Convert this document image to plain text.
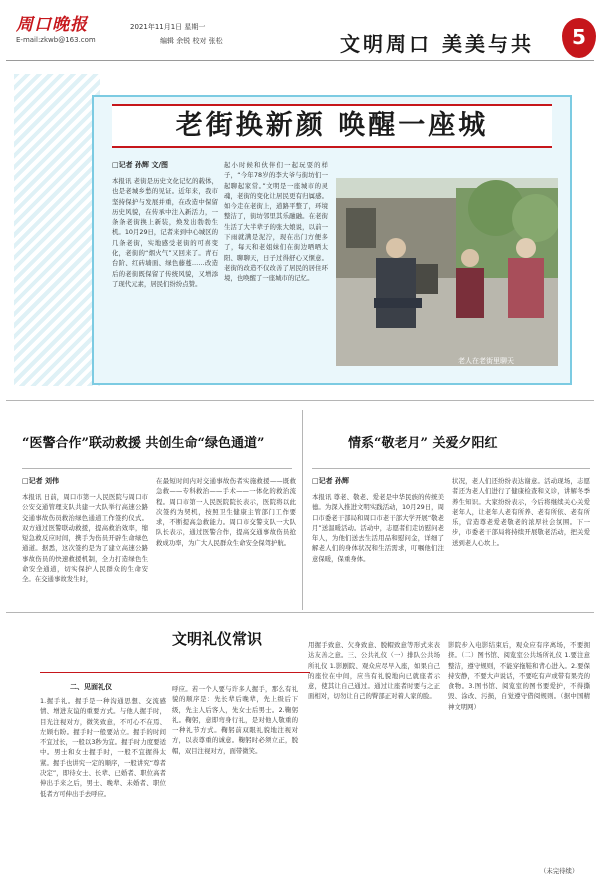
周口晚报
E-mail:zkwb@163.com
2021年11月1日 星期一
编辑 余锐 校对 张松	文明周口 美美与共	5
老街换新颜 唤醒一座城
□记者 孙辉 文/图
本报讯 老街是历史文化记忆的载体，也是老城乡愁的见证。近年来，我市坚持保护与发展并重，在改造中保留历史风貌，在传承中注入新活力，一条条老街换上新装，焕发出勃勃生机。10月29日，记者来到中心城区的几条老街，实地感受老街的可喜变化，老街的“烟火气”又回来了。青石台阶、红砖墙面、绿色藤蔓……改造后的老街既保留了传统风貌，又增添了现代元素，居民们纷纷点赞。
起小时候和伙伴们一起玩耍的样子，“今年78岁的李大爷与街坊们一起聊起家常。”文明是一座城市的灵魂，老街的变化让居民更有归属感。如今走在老街上，道路平整了，环境整洁了，街坊邻里其乐融融。在老街生活了大半辈子的张大娘说，以前一下雨就满是泥泞，现在出门方便多了，每天和老姐妹们在街边晒晒太阳、聊聊天，日子过得舒心又惬意。老街的改造不仅改善了居民的居住环境，也唤醒了一座城市的记忆。
老人在老街里聊天
“医警合作”联动救援 共创生命“绿色通道”
□记者 刘伟
本报讯 日前，周口市第一人民医院与周口市公安交通管理支队共建一大队举行高速公路交通事故伤员救治绿色通道工作签约仪式。双方通过医警联动救援，提高救治效率，缩短急救反应时间，携手为伤员开辟生命绿色通道。据悉，这次签约是为了建立高速公路事故伤员的快速救援机制，全力打造绿色生命安全通道，切实保护人民群众的生命安全。在交通事故发生时，
在最短时间内对交通事故伤者实施救援——既救急救——专科救治——手术——一体化的救治流程。周口市第一人民医院院长表示，医院将以此次签约为契机，按照卫生健康主管部门工作要求，不断提高急救能力。周口市交警支队一大队队长表示，通过医警合作，提高交通事故伤员抢救成功率，为广大人民群众生命安全保驾护航。
情系“敬老月” 关爱夕阳红
□记者 孙辉
本报讯 尊老、敬老、爱老是中华民族的传统美德。为深入推进文明实践活动，10月29日，周口市委老干部局和周口市老干部大学开展“敬老月”送温暖活动。活动中，志愿者们走访慰问老年人，为他们送去生活用品和慰问金，详细了解老人们的身体状况和生活需求，叮嘱他们注意保暖，保重身体。
状况，老人们还纷纷表达谢意。活动现场，志愿者还为老人们进行了健康检查和义诊，讲解冬季养生知识。大家纷纷表示，今后将继续关心关爱老年人，让老年人老有所养、老有所依、老有所乐，营造尊老爱老敬老的浓厚社会氛围。下一步，市委老干部局将持续开展敬老活动，把关爱送到老人心坎上。
文明礼仪常识
二、见面礼仪
1.握手礼。握手是一种沟通思想、交流感情、增进友谊的重要方式。与他人握手时，目光注视对方，微笑致意，不可心不在焉、左顾右盼。握手时一般要站立。握手的时间不宜过长，一般以3秒为宜。握手时力度要适中。男士和女士握手时，一般不宜握得太紧。握手也讲究一定的顺序，一般讲究“尊者决定”，即待女士、长辈、已婚者、职位高者伸出手来之后，男士、晚辈、未婚者、职位低者方可伸出手去呼应。
呼应。若一个人要与许多人握手，那么有礼貌的顺序是：先长辈后晚辈，先上级后下级，先主人后客人，先女士后男士。2.鞠躬礼。鞠躬，意即弯身行礼，是对他人敬重的一种礼节方式。鞠躬前双眼礼貌地注视对方，以表尊重的诚意。鞠躬时必须立正，脱帽，双目注视对方，面带微笑。
用握手致意、欠身致意、脱帽致意等形式来表达友善之意。三、公共礼仪（一）排队公共场所礼仪 1.影剧院、观众应尽早入座，如果自己的座位在中间，应当有礼貌地向已就座者示意，使其让自己通过。通过让座者时要与之正面相对，切勿让自己的臀部正对着人家的脸。
影院步入电影结束后，观众应有序离场，不要拥挤。（二）图书馆、阅览室公共场所礼仪 1.要注意整洁，遵守规则，不能穿拖鞋和背心进入。2.要保持安静，不要大声说话，不要吃有声或带有果壳的食物。3.图书馆、阅览室的图书要爱护，不得撕毁、涂改、污损，自觉遵守借阅规则。（据中国精神文明网）
（未完待续）
